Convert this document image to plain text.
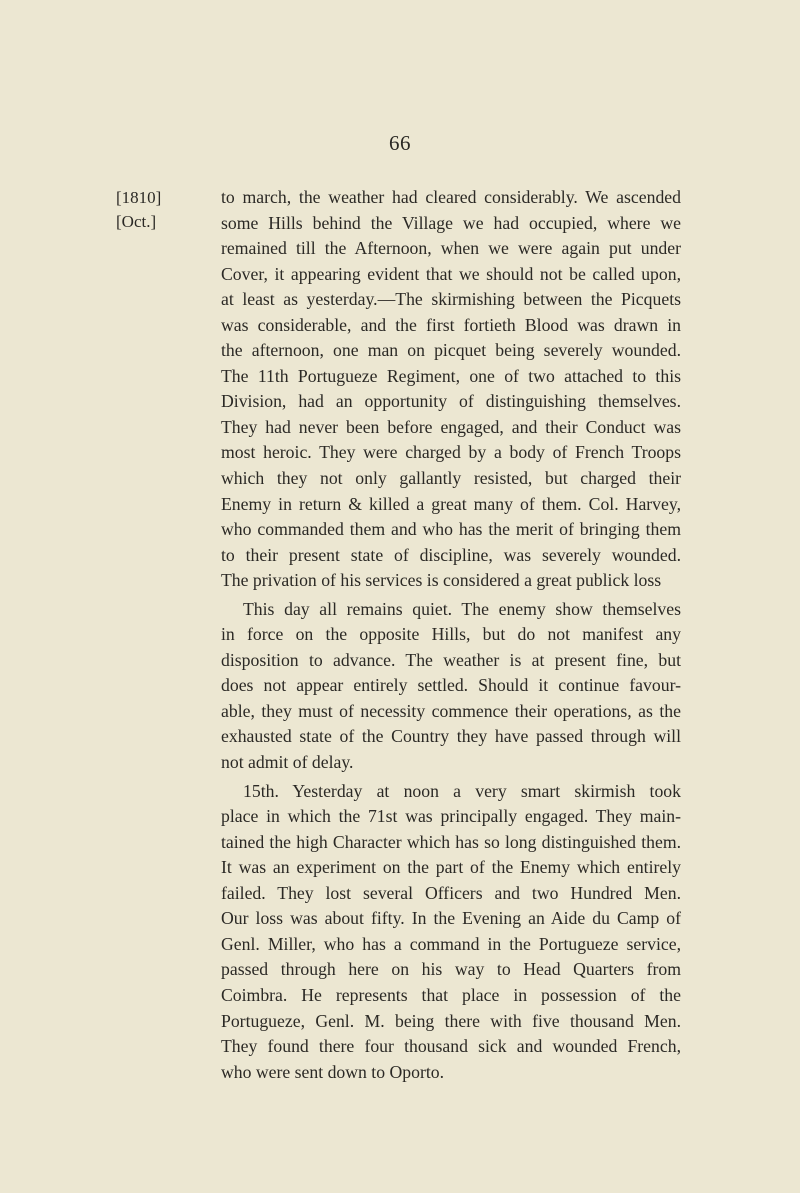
66
[1810]
[Oct.]
to march, the weather had cleared considerably. We ascended
some Hills behind the Village we had occupied, where we
remained till the Afternoon, when we were again put under
Cover, it appearing evident that we should not be called upon,
at least as yesterday.—The skirmishing between the Picquets
was considerable, and the first fortieth Blood was drawn in
the afternoon, one man on picquet being severely wounded.
The 11th Portugueze Regiment, one of two attached to this
Division, had an opportunity of distinguishing themselves.
They had never been before engaged, and their Conduct was
most heroic. They were charged by a body of French Troops
which they not only gallantly resisted, but charged their
Enemy in return & killed a great many of them. Col. Harvey,
who commanded them and who has the merit of bringing them
to their present state of discipline, was severely wounded.
The privation of his services is considered a great publick loss
This day all remains quiet. The enemy show themselves
in force on the opposite Hills, but do not manifest any
disposition to advance. The weather is at present fine, but
does not appear entirely settled. Should it continue favour-
able, they must of necessity commence their operations, as the
exhausted state of the Country they have passed through will
not admit of delay.
15th. Yesterday at noon a very smart skirmish took
place in which the 71st was principally engaged. They main-
tained the high Character which has so long distinguished them.
It was an experiment on the part of the Enemy which entirely
failed. They lost several Officers and two Hundred Men.
Our loss was about fifty. In the Evening an Aide du Camp of
Genl. Miller, who has a command in the Portugueze service,
passed through here on his way to Head Quarters from
Coimbra. He represents that place in possession of the
Portugueze, Genl. M. being there with five thousand Men.
They found there four thousand sick and wounded French,
who were sent down to Oporto.
